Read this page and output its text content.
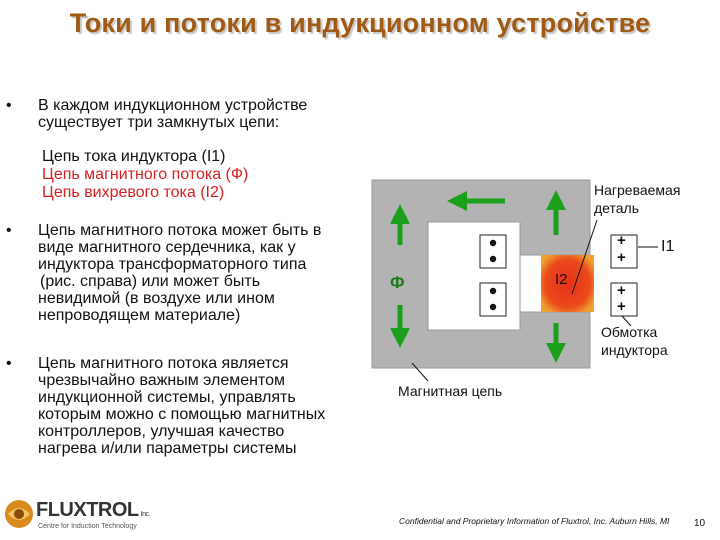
Токи и потоки в индукционном устройстве
• В каждом индукционном устройстве
существует три замкнутых цепи:
Цепь тока индуктора (I1)
Цепь магнитного потока (Ф)
Цепь вихревого тока (I2)
• Цепь магнитного потока может быть в
виде магнитного сердечника, как у
индуктора трансформаторного типа
(рис. справа) или может быть
невидимой (в воздухе или ином
непроводящем материале)
• Цепь магнитного потока является
чрезвычайно важным элементом
индукционной системы, управлять
которым можно с помощью магнитных
контроллеров, улучшая качество
нагрева и/или параметры системы
+
+
+
+
Нагреваемая
деталь
I1
I2
Ф
Обмотка
индуктора
Магнитная цепь
FLUXTROL Inc.
Centre for Induction Technology
Confidential and Proprietary Information of Fluxtrol, Inc. Auburn Hills, MI 10
